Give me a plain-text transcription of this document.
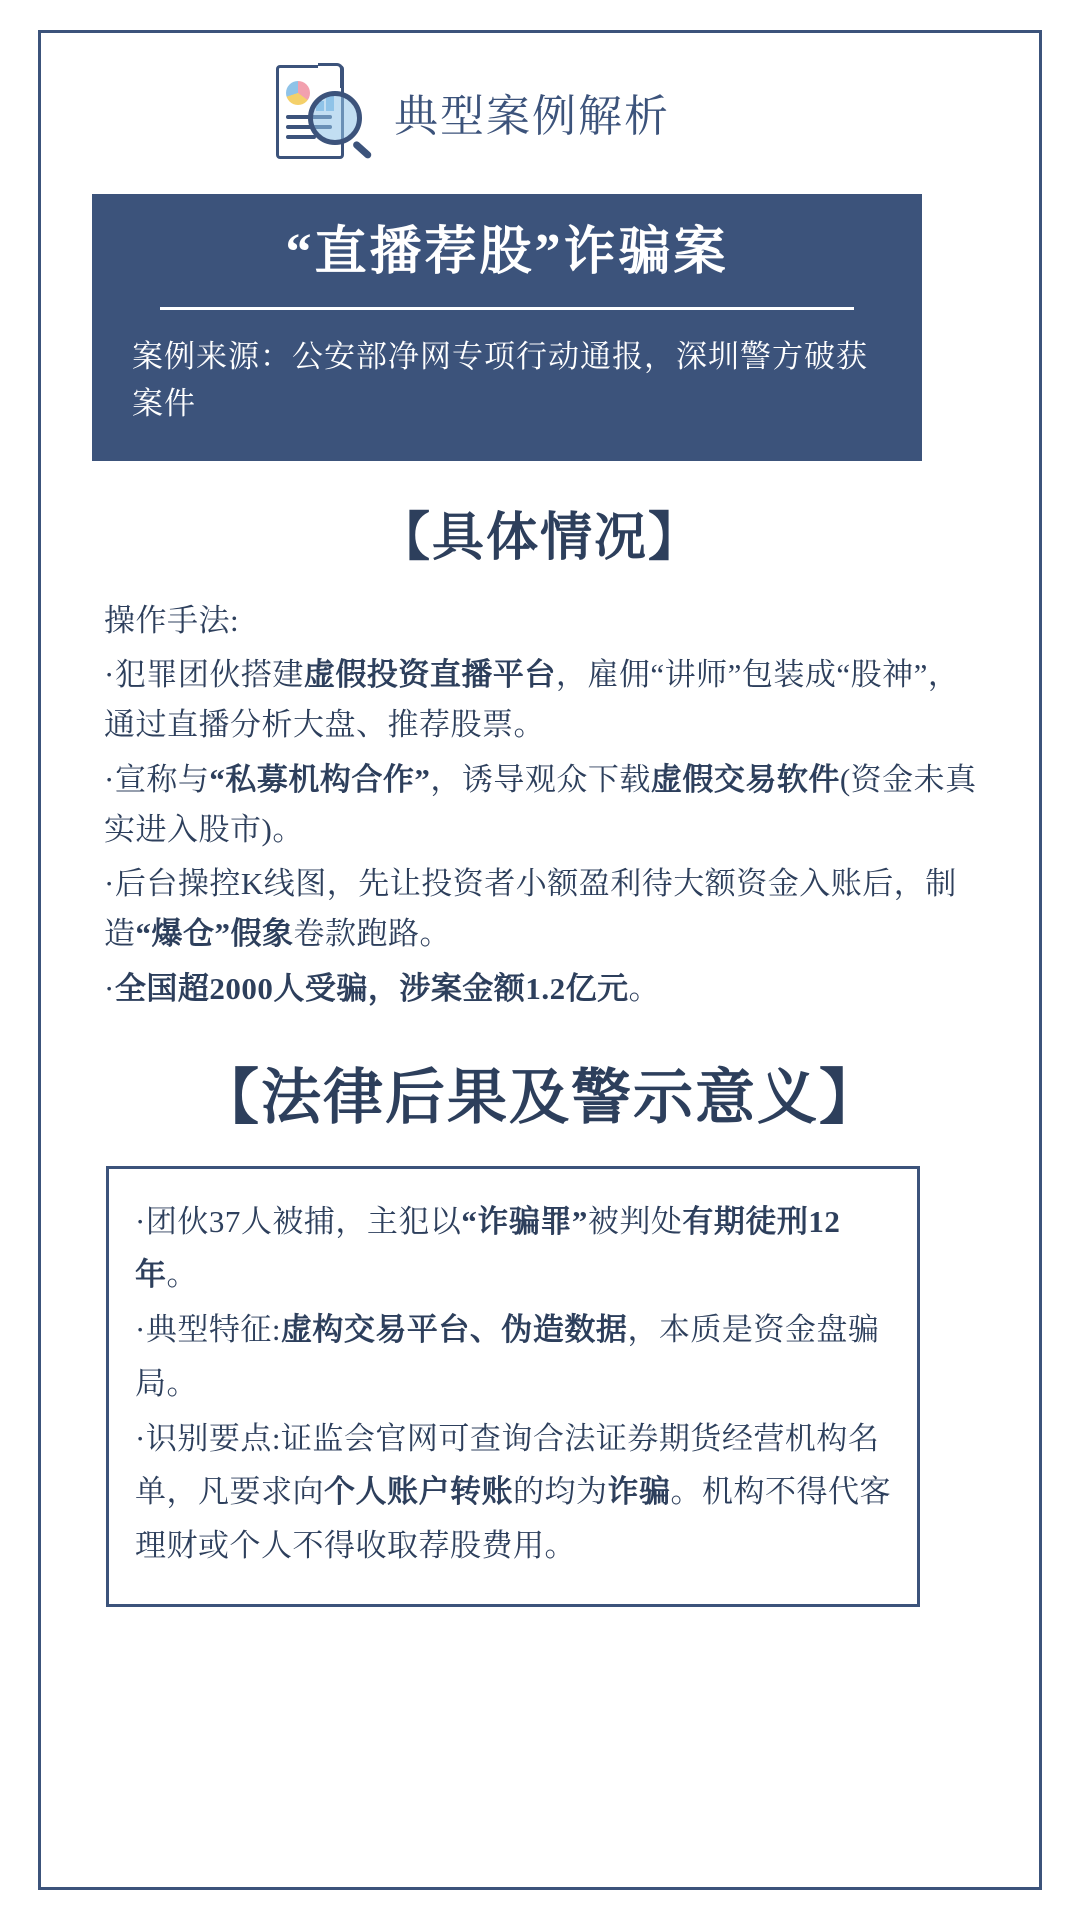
典型案例解析
“直播荐股”诈骗案
案例来源：公安部净网专项行动通报，深圳警方破获案件
【具体情况】

操作手法:

·犯罪团伙搭建虚假投资直播平台，雇佣“讲师”包装成“股神”，通过直播分析大盘、推荐股票。

·宣称与“私募机构合作”，诱导观众下载虚假交易软件(资金未真实进入股市)。

·后台操控K线图，先让投资者小额盈利待大额资金入账后，制造“爆仓”假象卷款跑路。

·全国超2000人受骗，涉案金额1.2亿元。

【法律后果及警示意义】

·团伙37人被捕，主犯以“诈骗罪”被判处有期徒刑12年。

·典型特征:虚构交易平台、伪造数据，本质是资金盘骗局。

·识别要点:证监会官网可查询合法证券期货经营机构名单，凡要求向个人账户转账的均为诈骗。机构不得代客理财或个人不得收取荐股费用。
